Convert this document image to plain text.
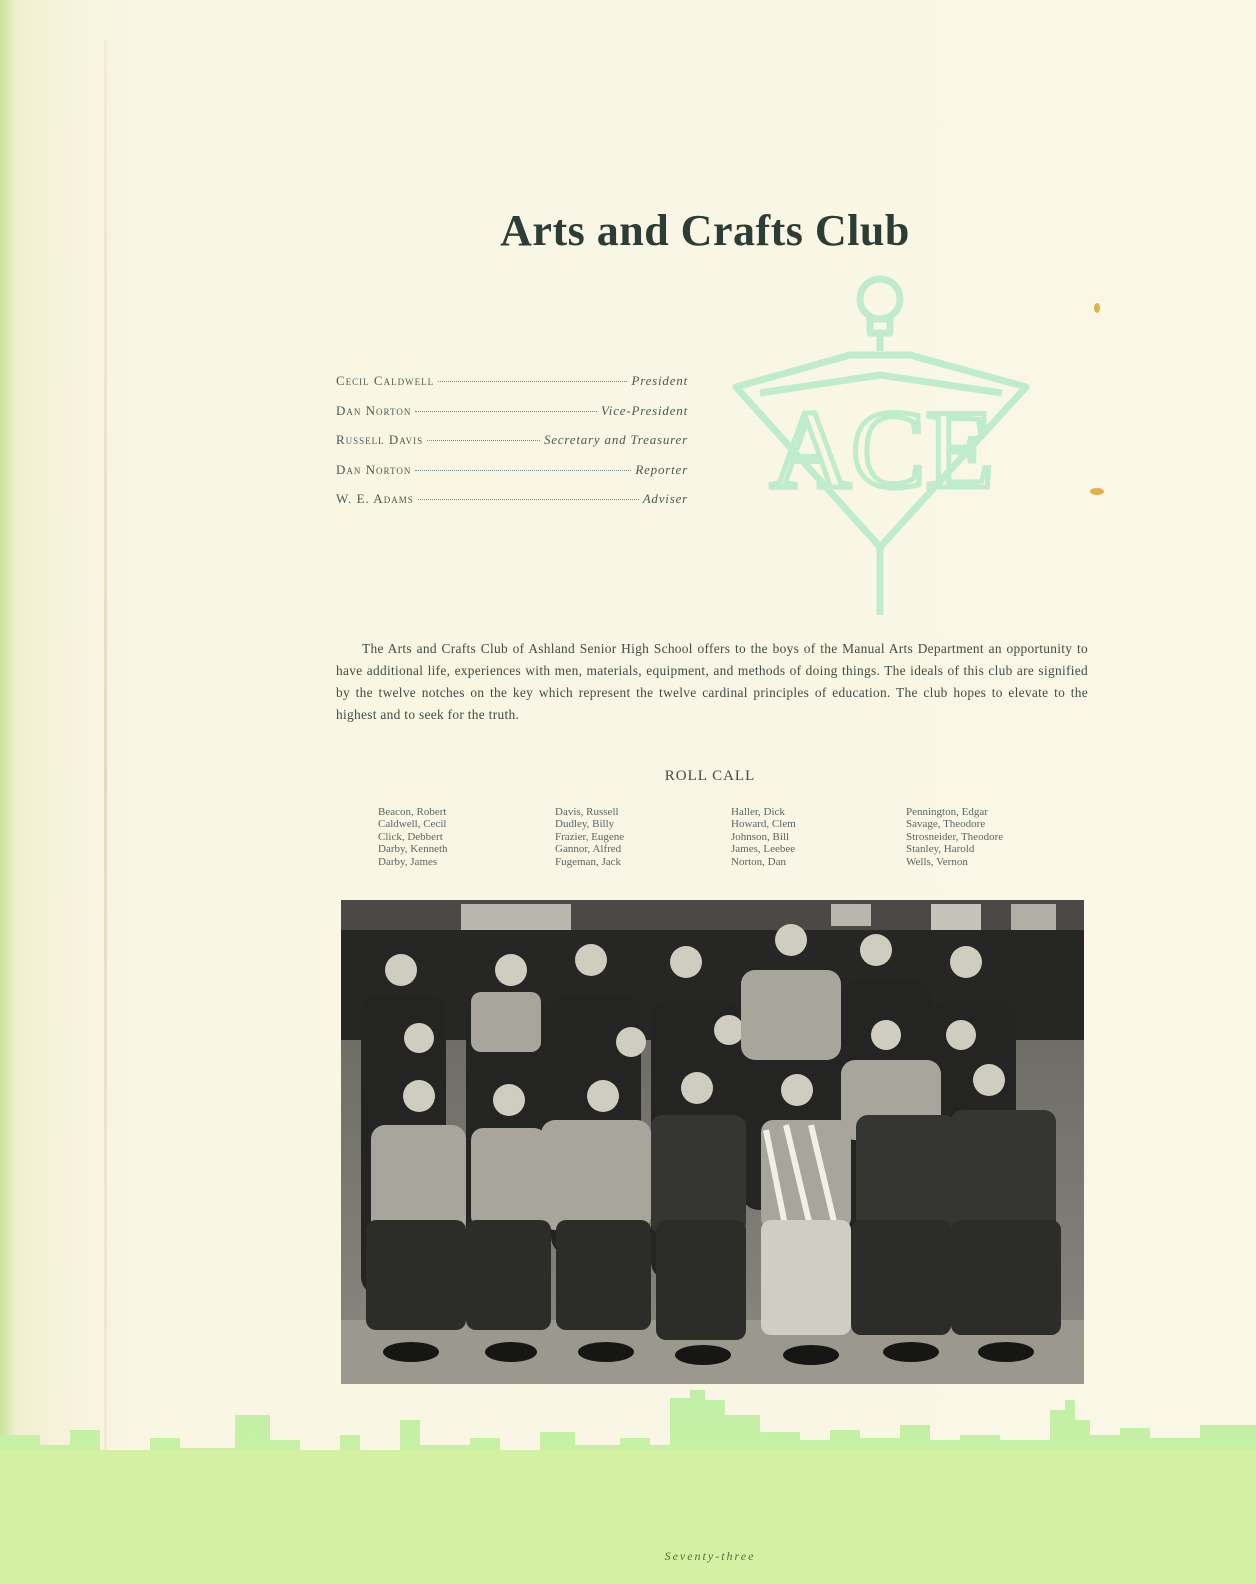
Arts and Crafts Club
Cecil Caldwell	President
Dan Norton	Vice-President
Russell Davis	Secretary and Treasurer
Dan Norton	Reporter
W. E. Adams	Adviser ACE

The Arts and Crafts Club of Ashland Senior High School offers to the boys of the Manual Arts Department an opportunity to have additional life, experiences with men, materials, equipment, and methods of doing things. The ideals of this club are signified by the twelve notches on the key which represent the twelve cardinal principles of education. The club hopes to elevate to the highest and to seek for the truth.

ROLL CALL
Beacon, Robert
Caldwell, Cecil
Click, Debbert
Darby, Kenneth
Darby, James
Davis, Russell
Dudley, Billy
Frazier, Eugene
Gannor, Alfred
Fugeman, Jack
Haller, Dick
Howard, Clem
Johnson, Bill
James, Leebee
Norton, Dan
Pennington, Edgar
Savage, Theodore
Strosneider, Theodore
Stanley, Harold
Wells, Vernon
Seventy-three
